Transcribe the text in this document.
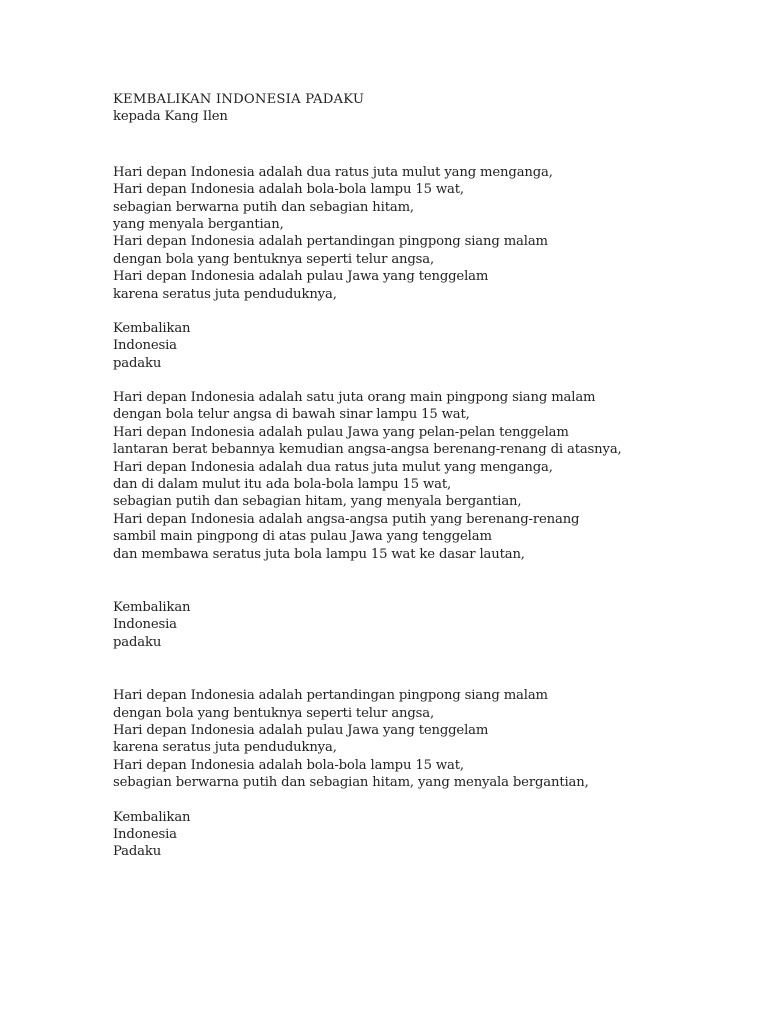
KEMBALIKAN INDONESIA PADAKU
kepada Kang Ilen
Hari depan Indonesia adalah dua ratus juta mulut yang menganga,
Hari depan Indonesia adalah bola-bola lampu 15 wat,
sebagian berwarna putih dan sebagian hitam,
yang menyala bergantian,
Hari depan Indonesia adalah pertandingan pingpong siang malam
dengan bola yang bentuknya seperti telur angsa,
Hari depan Indonesia adalah pulau Jawa yang tenggelam
karena seratus juta penduduknya,
Kembalikan
Indonesia
padaku
Hari depan Indonesia adalah satu juta orang main pingpong siang malam
dengan bola telur angsa di bawah sinar lampu 15 wat,
Hari depan Indonesia adalah pulau Jawa yang pelan-pelan tenggelam
lantaran berat bebannya kemudian angsa-angsa berenang-renang di atasnya,
Hari depan Indonesia adalah dua ratus juta mulut yang menganga,
dan di dalam mulut itu ada bola-bola lampu 15 wat,
sebagian putih dan sebagian hitam, yang menyala bergantian,
Hari depan Indonesia adalah angsa-angsa putih yang berenang-renang
sambil main pingpong di atas pulau Jawa yang tenggelam
dan membawa seratus juta bola lampu 15 wat ke dasar lautan,
Kembalikan
Indonesia
padaku
Hari depan Indonesia adalah pertandingan pingpong siang malam
dengan bola yang bentuknya seperti telur angsa,
Hari depan Indonesia adalah pulau Jawa yang tenggelam
karena seratus juta penduduknya,
Hari depan Indonesia adalah bola-bola lampu 15 wat,
sebagian berwarna putih dan sebagian hitam, yang menyala bergantian,
Kembalikan
Indonesia
Padaku
